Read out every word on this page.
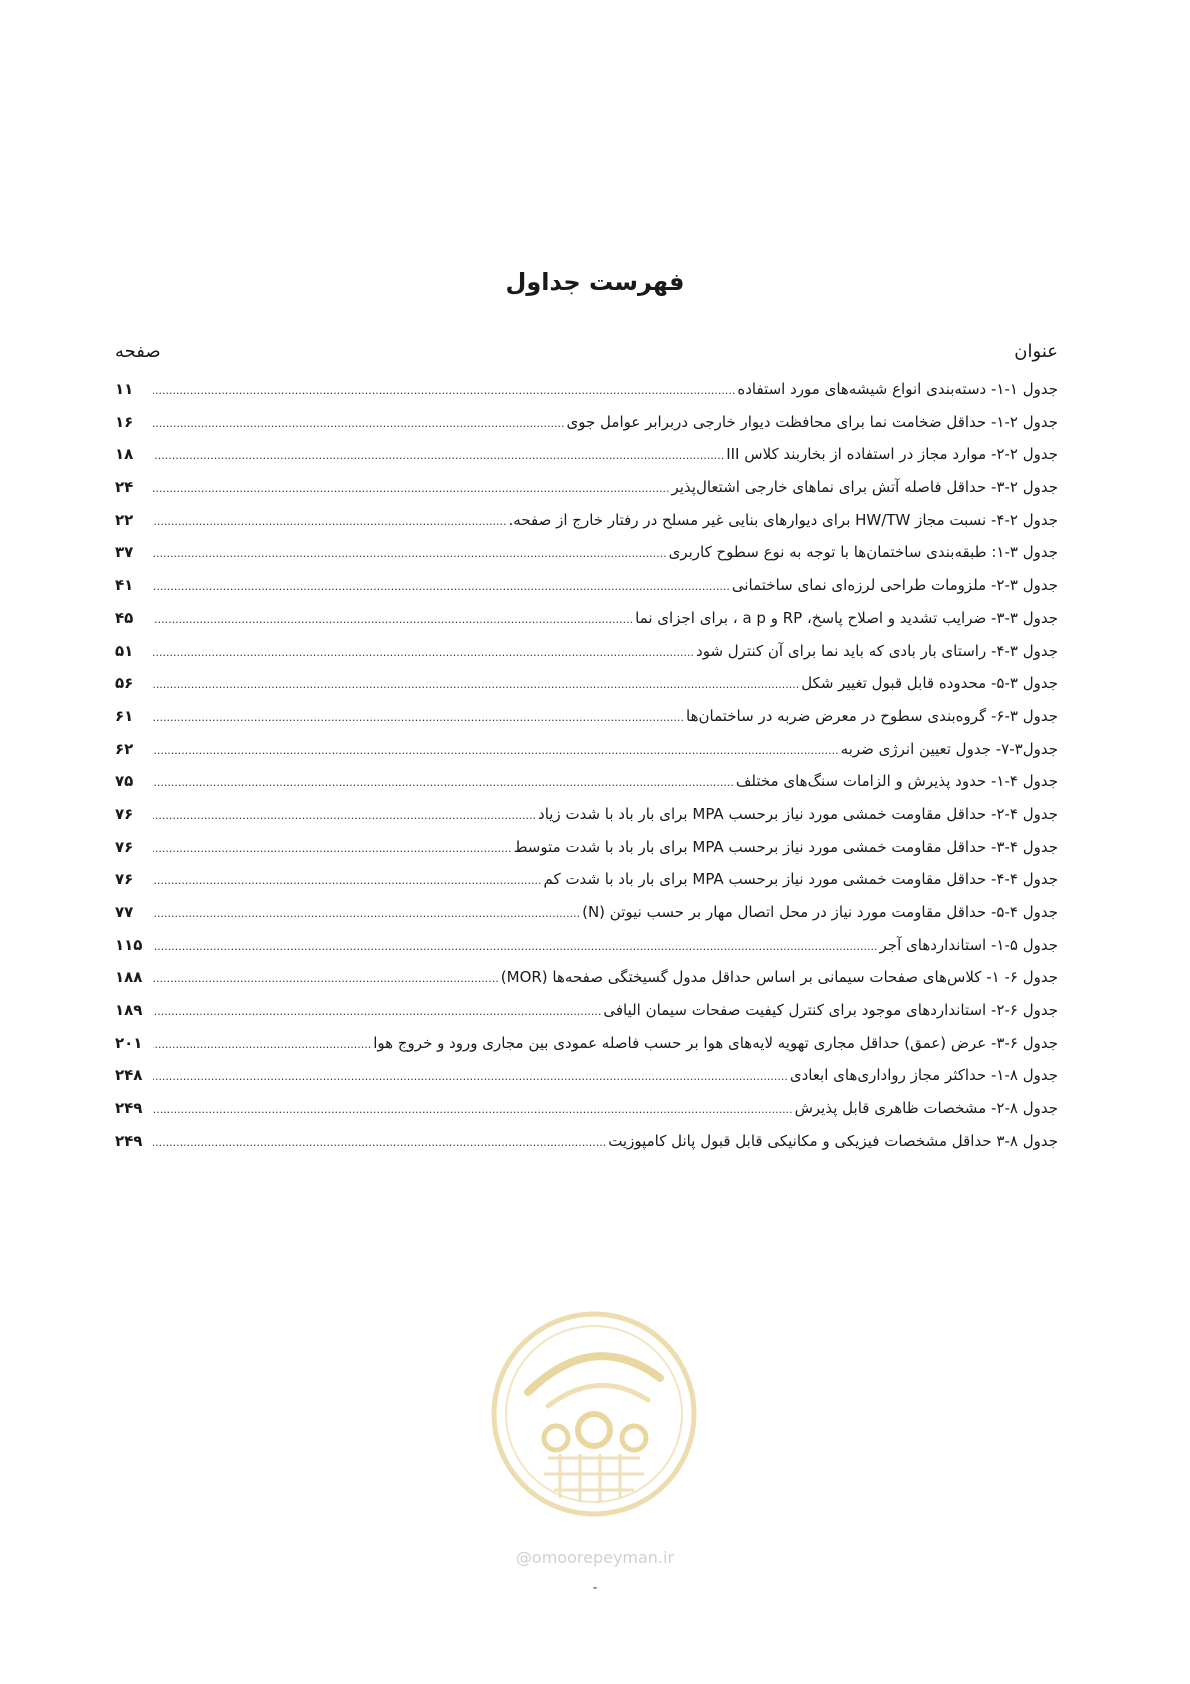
فهرست جداول
عنوان
صفحه
جدول ۱-۱- دسته‌بندی انواع شیشه‌های مورد استفاده
.....
۱۱
جدول ۲-۱- حداقل ضخامت نما برای محافظت دیوار خارجی دربرابر عوامل جوی
.....
۱۶
جدول ۲-۲- موارد مجاز در استفاده از بخاربند کلاس III
.....
۱۸
جدول ۲-۳- حداقل فاصله آتش برای نماهای خارجی اشتعال‌پذیر
.....
۲۴
جدول ۲-۴- نسبت مجاز HW/TW برای دیوارهای بنایی غیر مسلح در رفتار خارج از صفحه.
.....
۲۲
جدول ۳-۱: طبقه‌بندی ساختمان‌ها با توجه به نوع سطوح کاربری
.....
۳۷
جدول ۳-۲- ملزومات طراحی لرزه‌ای نمای ساختمانی
.....
۴۱
جدول ۳-۳- ضرایب تشدید و اصلاح پاسخ، RP و a p ، برای اجزای نما
.....
۴۵
جدول ۳-۴- راستای بار بادی که باید نما برای آن کنترل شود
.....
۵۱
جدول ۳-۵- محدوده قابل قبول تغییر شکل
.....
۵۶
جدول ۳-۶- گروه‌بندی سطوح در معرض ضربه در ساختمان‌ها
.....
۶۱
جدول۳-۷- جدول تعیین انرژی ضربه
.....
۶۲
جدول ۴-۱- حدود پذیرش و الزامات سنگ‌های مختلف
.....
۷۵
جدول ۴-۲- حداقل مقاومت خمشی مورد نیاز برحسب MPA برای بار باد با شدت زیاد
.....
۷۶
جدول ۴-۳- حداقل مقاومت خمشی مورد نیاز برحسب MPA برای بار باد با شدت متوسط
.....
۷۶
جدول ۴-۴- حداقل مقاومت خمشی مورد نیاز برحسب MPA برای بار باد با شدت کم
.....
۷۶
جدول ۴-۵- حداقل مقاومت مورد نیاز در محل اتصال مهار بر حسب نیوتن (N)
.....
۷۷
جدول ۵-۱- استانداردهای آجر
.....
۱۱۵
جدول ۶- ۱- کلاس‌های صفحات سیمانی بر اساس حداقل مدول گسیختگی صفحه‌ها (MOR)
.....
۱۸۸
جدول ۶-۲- استانداردهای موجود برای کنترل کیفیت صفحات سیمان الیافی
.....
۱۸۹
جدول ۶-۳- عرض (عمق) حداقل مجاری تهویه لایه‌های هوا بر حسب فاصله عمودی بین مجاری ورود و خروج هوا
.....
۲۰۱
جدول ۸-۱- حداکثر مجاز رواداری‌های ابعادی
.....
۲۴۸
جدول ۸-۲- مشخصات ظاهری قابل پذیرش
.....
۲۴۹
جدول ۸-۳ حداقل مشخصات فیزیکی و مکانیکی قابل قبول پانل کامپوزیت
.....
۲۴۹
@omoorepeyman.ir
-
